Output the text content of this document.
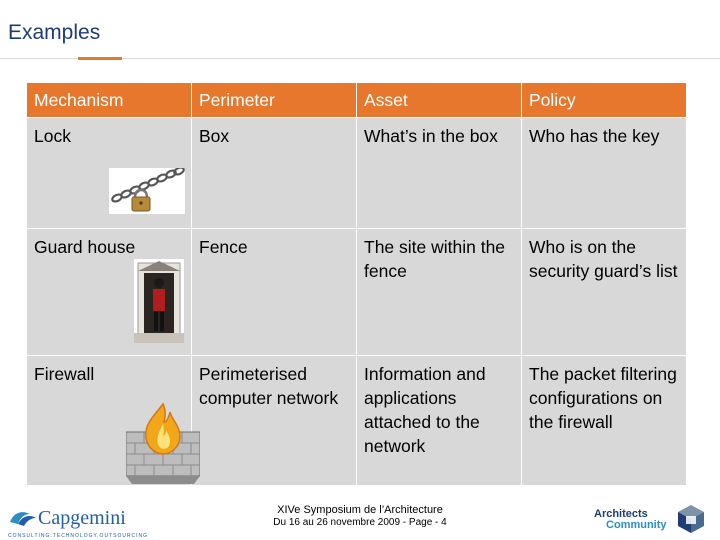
Examples
Mechanism	Perimeter	Asset	Policy

Lock	Box	What’s in the box	Who has the key

Guard house	Fence	The site within the fence	Who is on the security guard’s list

Firewall	Perimeterised computer network	Information and applications attached to the network	The packet filtering configurations on the firewall
Capgemini
CONSULTING.TECHNOLOGY.OUTSOURCING
XIVe Symposium de l’Architecture
Du 16 au 26 novembre 2009 - Page - 4
Architects
Community
